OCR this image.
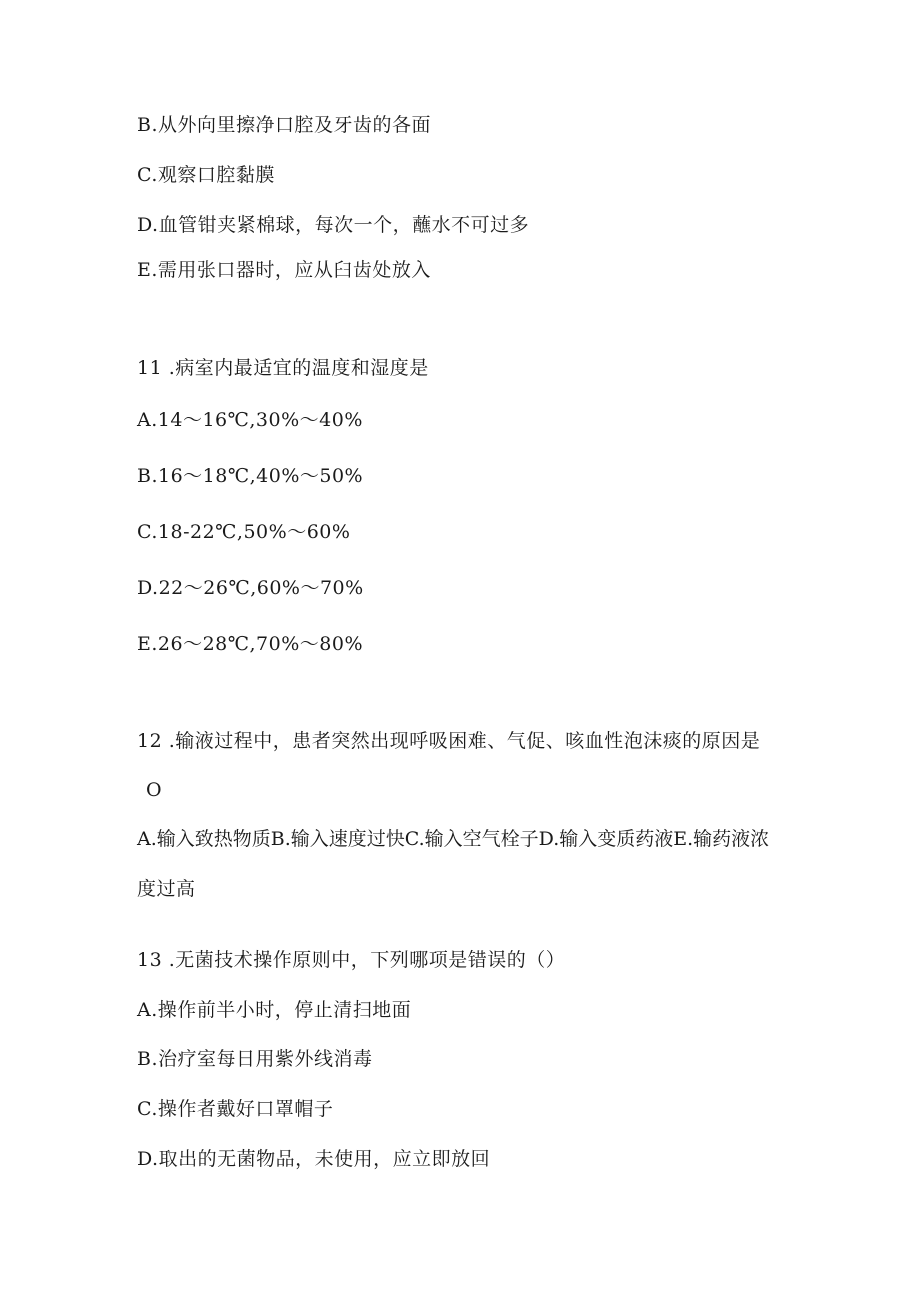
B.从外向里擦净口腔及牙齿的各面
C.观察口腔黏膜
D.血管钳夹紧棉球，每次一个，蘸水不可过多
E.需用张口器时，应从臼齿处放入
11 .病室内最适宜的温度和湿度是
A.14～16℃,30%～40%
B.16～18℃,40%～50%
C.18-22℃,50%～60%
D.22～26℃,60%～70%
E.26～28℃,70%～80%
12 .输液过程中，患者突然出现呼吸困难、气促、咳血性泡沫痰的原因是
O
A.输入致热物质B.输入速度过快C.输入空气栓子D.输入变质药液E.输药液浓
度过高
13 .无菌技术操作原则中，下列哪项是错误的（）
A.操作前半小时，停止清扫地面
B.治疗室每日用紫外线消毒
C.操作者戴好口罩帽子
D.取出的无菌物品，未使用，应立即放回
